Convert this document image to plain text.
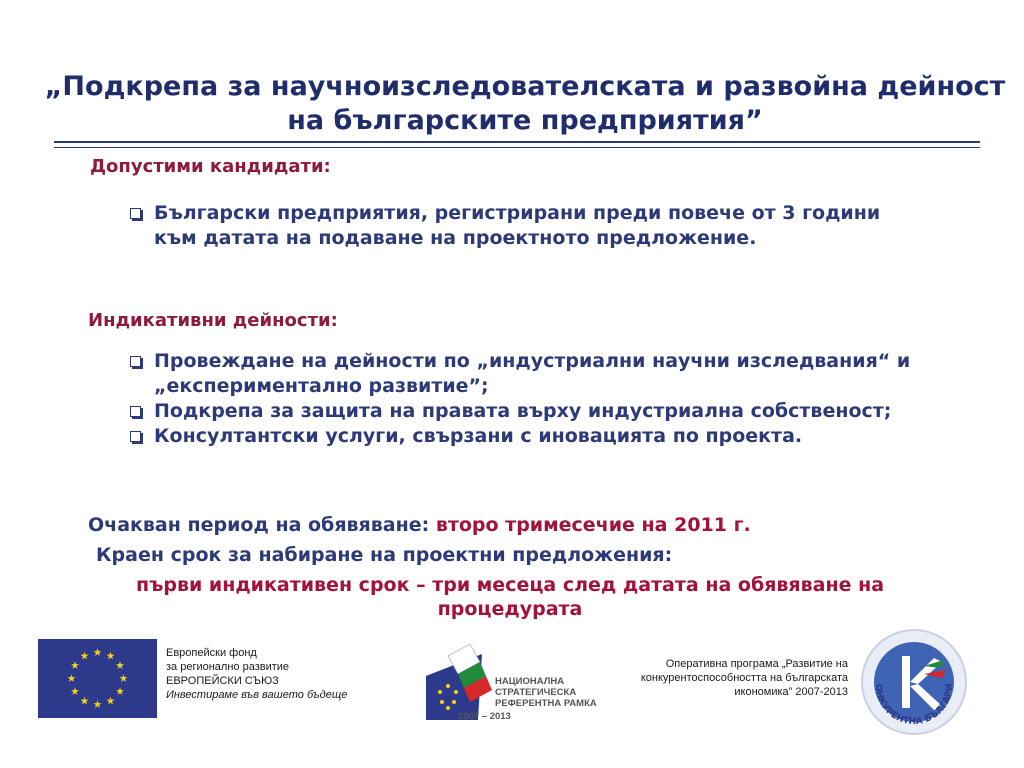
„Подкрепа за научноизследователската и развойна дейност на българските предприятия”
Допустими кандидати:
Български предприятия, регистрирани преди повече от 3 години към датата на подаване на проектното предложение.
Индикативни дейности:
Провеждане на дейности по „индустриални научни изследвания“ и „експериментално развитие”;
Подкрепа за защита на правата върху индустриална собственост;
Консултантски услуги, свързани с иновацията по проекта.
Очакван период на обявяване: второ тримесечие на 2011 г.
Краен срок за набиране на проектни предложения:
първи индикативен срок – три месеца след датата на обявяване на процедурата
Европейски фонд
за регионално развитие
ЕВРОПЕЙСКИ СЪЮЗ
Инвестираме във вашето бъдеще
НАЦИОНАЛНА
СТРАТЕГИЧЕСКА
РЕФЕРЕНТНА РАМКА
2007 – 2013
Оперативна програма „Развитие на
конкурентоспособността на българската
икономика” 2007-2013	ОНКУРЕНТНА БЪЛГАРИ
